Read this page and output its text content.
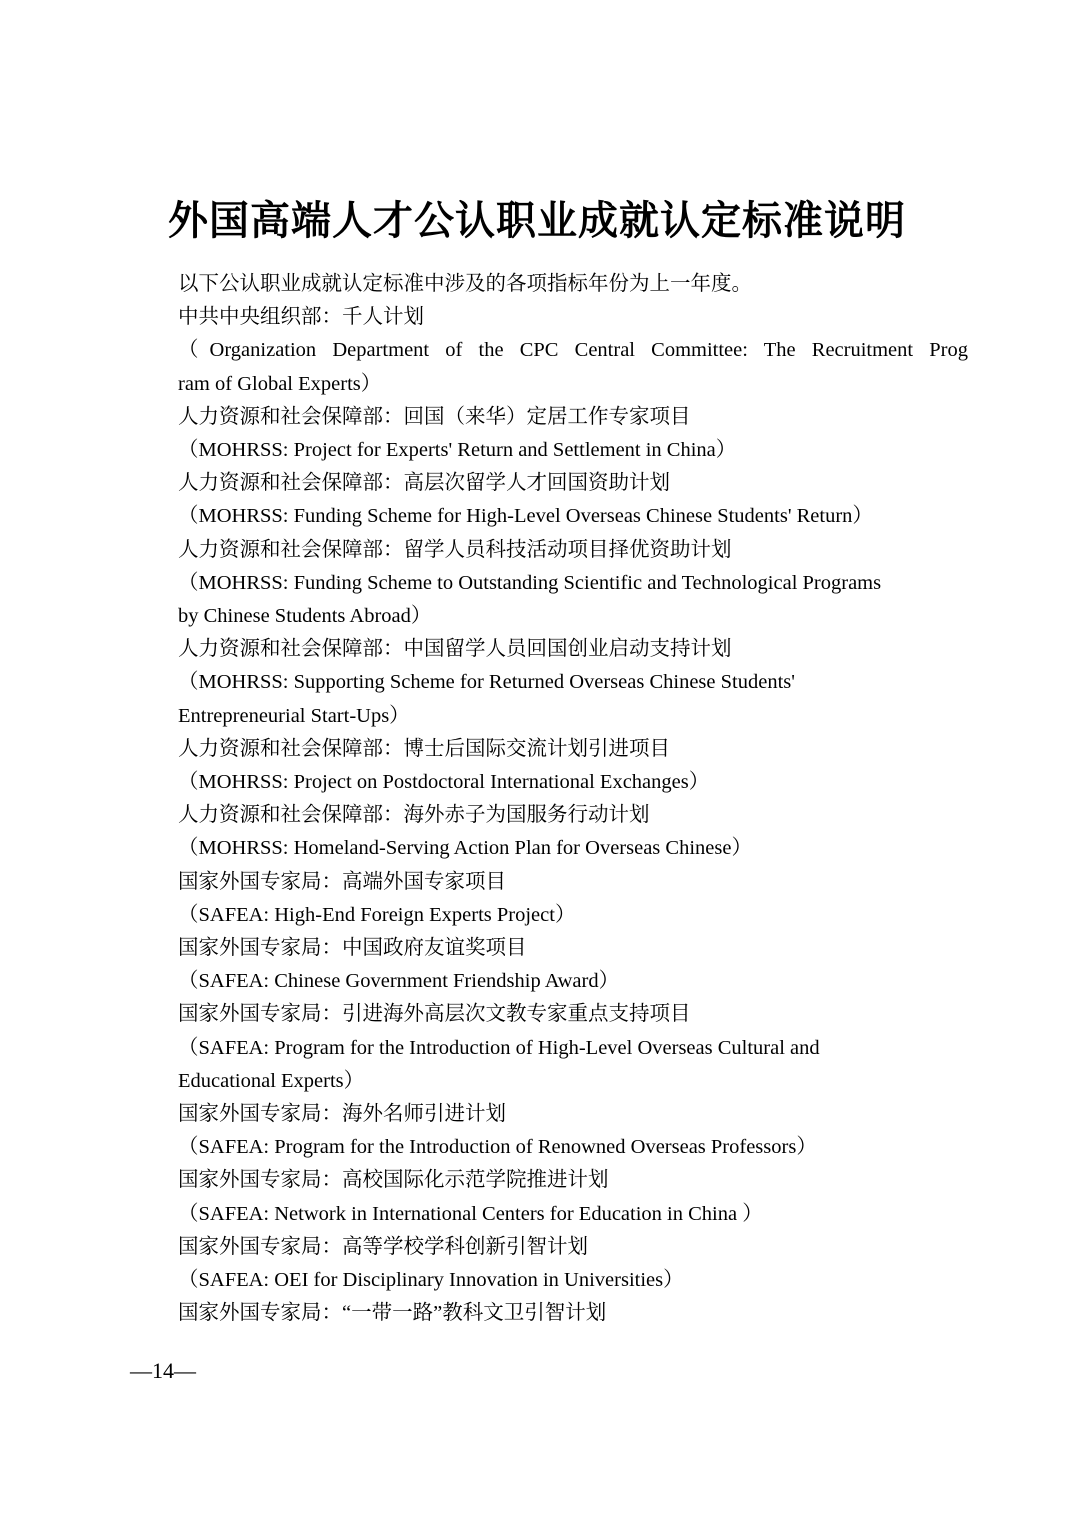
外国高端人才公认职业成就认定标准说明
以下公认职业成就认定标准中涉及的各项指标年份为上一年度。
中共中央组织部：千人计划
（Organization Department of the CPC Central Committee: The Recruitment Prog
ram of Global Experts）
人力资源和社会保障部：回国（来华）定居工作专家项目
（MOHRSS: Project for Experts' Return and Settlement in China）
人力资源和社会保障部：高层次留学人才回国资助计划
（MOHRSS: Funding Scheme for High-Level Overseas Chinese Students' Return）
人力资源和社会保障部：留学人员科技活动项目择优资助计划
（MOHRSS: Funding Scheme to Outstanding Scientific and Technological Programs
by Chinese Students Abroad）
人力资源和社会保障部：中国留学人员回国创业启动支持计划
（MOHRSS: Supporting Scheme for Returned Overseas Chinese Students'
Entrepreneurial Start-Ups）
人力资源和社会保障部：博士后国际交流计划引进项目
（MOHRSS: Project on Postdoctoral International Exchanges）
人力资源和社会保障部：海外赤子为国服务行动计划
（MOHRSS: Homeland-Serving Action Plan for Overseas Chinese）
国家外国专家局：高端外国专家项目
（SAFEA: High-End Foreign Experts Project）
国家外国专家局：中国政府友谊奖项目
（SAFEA: Chinese Government Friendship Award）
国家外国专家局：引进海外高层次文教专家重点支持项目
（SAFEA: Program for the Introduction of High-Level Overseas Cultural and
Educational Experts）
国家外国专家局：海外名师引进计划
（SAFEA: Program for the Introduction of Renowned Overseas Professors）
国家外国专家局：高校国际化示范学院推进计划
（SAFEA: Network in International Centers for Education in China ）
国家外国专家局：高等学校学科创新引智计划
（SAFEA: OEI for Disciplinary Innovation in Universities）
国家外国专家局：“一带一路”教科文卫引智计划
—14—
